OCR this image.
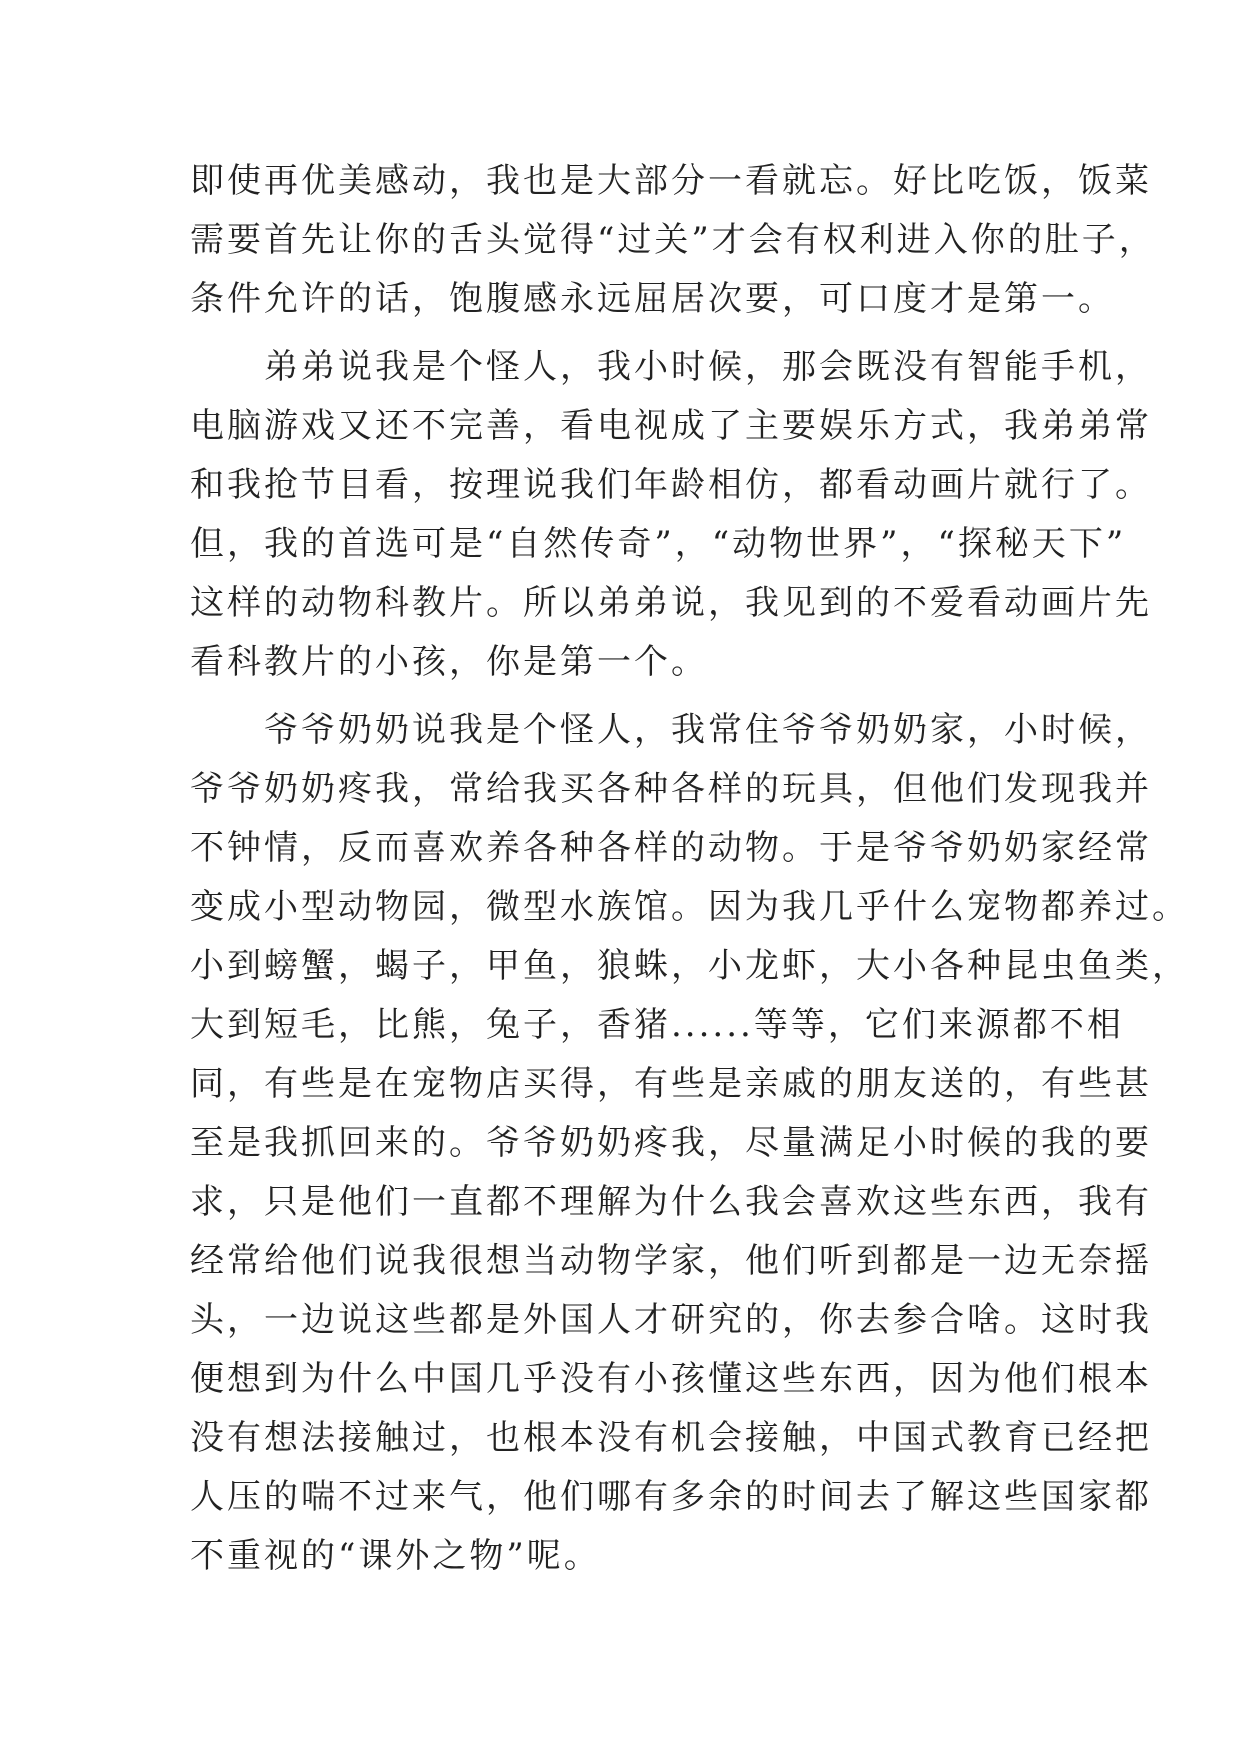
即使再优美感动，我也是大部分一看就忘。好比吃饭，饭菜
需要首先让你的舌头觉得“过关”才会有权利进入你的肚子，
条件允许的话，饱腹感永远屈居次要，可口度才是第一。
　　弟弟说我是个怪人，我小时候，那会既没有智能手机，
电脑游戏又还不完善，看电视成了主要娱乐方式，我弟弟常
和我抢节目看，按理说我们年龄相仿，都看动画片就行了。
但，我的首选可是“自然传奇”，“动物世界”，“探秘天下”
这样的动物科教片。所以弟弟说，我见到的不爱看动画片先
看科教片的小孩，你是第一个。
　　爷爷奶奶说我是个怪人，我常住爷爷奶奶家，小时候，
爷爷奶奶疼我，常给我买各种各样的玩具，但他们发现我并
不钟情，反而喜欢养各种各样的动物。于是爷爷奶奶家经常
变成小型动物园，微型水族馆。因为我几乎什么宠物都养过。
小到螃蟹，蝎子，甲鱼，狼蛛，小龙虾，大小各种昆虫鱼类，
大到短毛，比熊，兔子，香猪......等等，它们来源都不相
同，有些是在宠物店买得，有些是亲戚的朋友送的，有些甚
至是我抓回来的。爷爷奶奶疼我，尽量满足小时候的我的要
求，只是他们一直都不理解为什么我会喜欢这些东西，我有
经常给他们说我很想当动物学家，他们听到都是一边无奈摇
头，一边说这些都是外国人才研究的，你去参合啥。这时我
便想到为什么中国几乎没有小孩懂这些东西，因为他们根本
没有想法接触过，也根本没有机会接触，中国式教育已经把
人压的喘不过来气，他们哪有多余的时间去了解这些国家都
不重视的“课外之物”呢。
